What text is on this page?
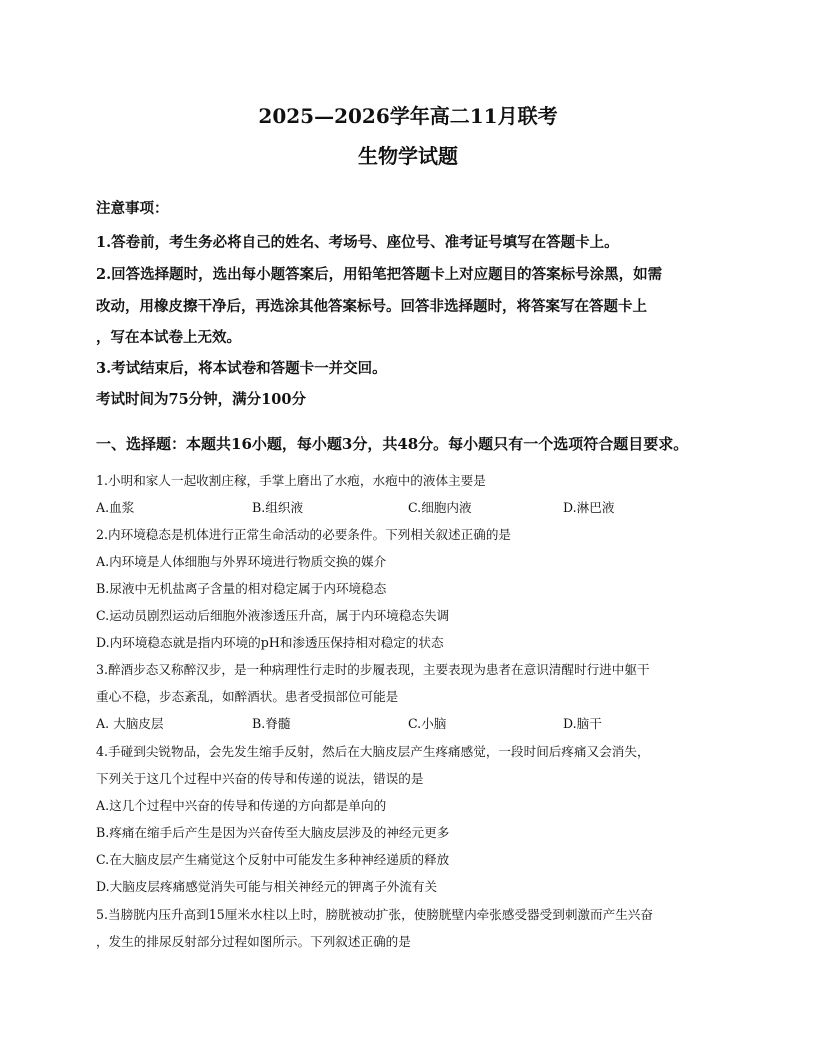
2025—2026学年高二11月联考
生物学试题
注意事项：
1.答卷前，考生务必将自己的姓名、考场号、座位号、准考证号填写在答题卡上。
2.回答选择题时，选出每小题答案后，用铅笔把答题卡上对应题目的答案标号涂黑，如需
改动，用橡皮擦干净后，再选涂其他答案标号。回答非选择题时，将答案写在答题卡上
，写在本试卷上无效。
3.考试结束后，将本试卷和答题卡一并交回。
考试时间为75分钟，满分100分
一、选择题：本题共16小题，每小题3分，共48分。每小题只有一个选项符合题目要求。
1.小明和家人一起收割庄稼，手掌上磨出了水疱，水疱中的液体主要是
A.血浆	B.组织液	C.细胞内液	D.淋巴液
2.内环境稳态是机体进行正常生命活动的必要条件。下列相关叙述正确的是
A.内环境是人体细胞与外界环境进行物质交换的媒介
B.尿液中无机盐离子含量的相对稳定属于内环境稳态
C.运动员剧烈运动后细胞外液渗透压升高，属于内环境稳态失调
D.内环境稳态就是指内环境的pH和渗透压保持相对稳定的状态
3.醉酒步态又称醉汉步，是一种病理性行走时的步履表现，主要表现为患者在意识清醒时行进中躯干
重心不稳，步态紊乱，如醉酒状。患者受损部位可能是
A. 大脑皮层	B.脊髓	C.小脑	D.脑干
4.手碰到尖锐物品，会先发生缩手反射，然后在大脑皮层产生疼痛感觉，一段时间后疼痛又会消失，
下列关于这几个过程中兴奋的传导和传递的说法，错误的是
A.这几个过程中兴奋的传导和传递的方向都是单向的
B.疼痛在缩手后产生是因为兴奋传至大脑皮层涉及的神经元更多
C.在大脑皮层产生痛觉这个反射中可能发生多种神经递质的释放
D.大脑皮层疼痛感觉消失可能与相关神经元的钾离子外流有关
5.当膀胱内压升高到15厘米水柱以上时，膀胱被动扩张，使膀胱壁内牵张感受器受到刺激而产生兴奋
，发生的排尿反射部分过程如图所示。下列叙述正确的是
